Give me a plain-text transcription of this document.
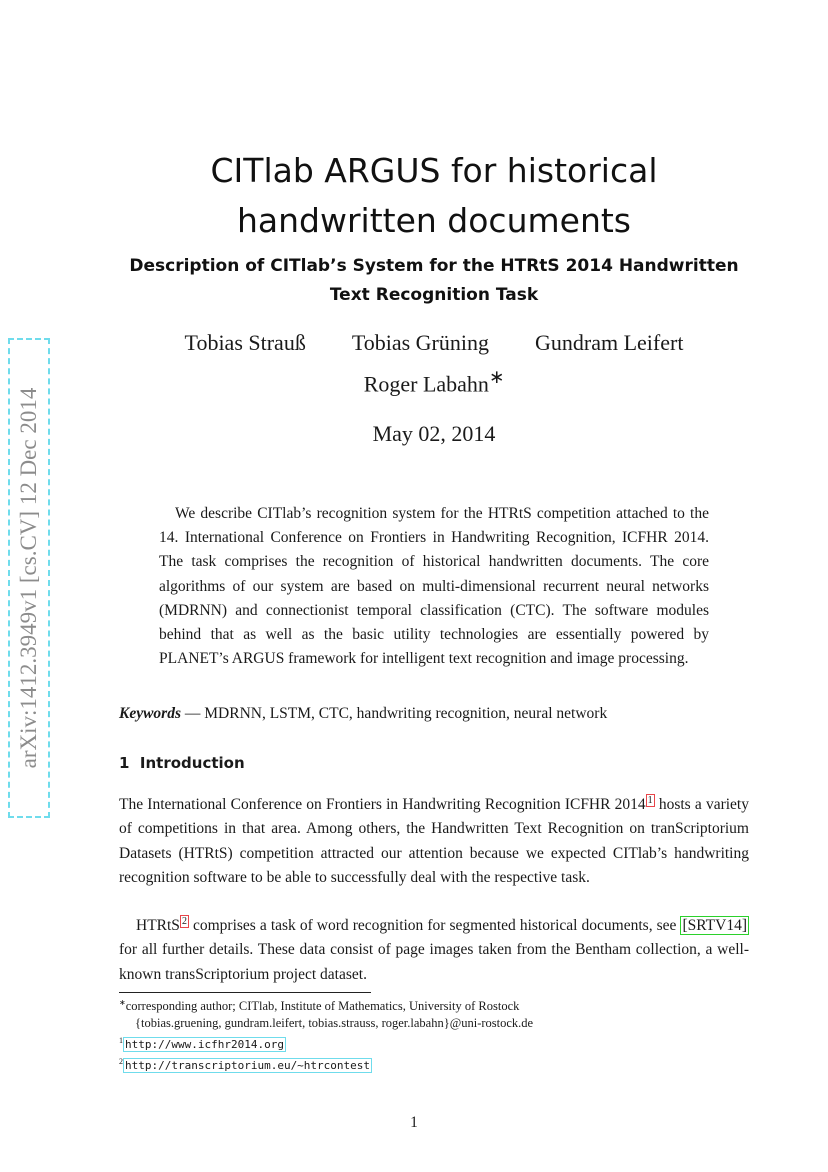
arXiv:1412.3949v1 [cs.CV] 12 Dec 2014
CITlab ARGUS for historical
handwritten documents
Description of CITlab’s System for the HTRtS 2014 Handwritten
Text Recognition Task
Tobias Strauß Tobias Grüning Gundram Leifert
Roger Labahn∗
May 02, 2014
We describe CITlab’s recognition system for the HTRtS competition attached to the 14. International Conference on Frontiers in Handwriting Recognition, ICFHR 2014. The task comprises the recognition of historical handwritten documents. The core algorithms of our system are based on multi-dimensional recurrent neural networks (MDRNN) and connectionist temporal classification (CTC). The software modules behind that as well as the basic utility technologies are essentially powered by PLANET’s ARGUS framework for intelligent text recognition and image processing.
Keywords — MDRNN, LSTM, CTC, handwriting recognition, neural network
1 Introduction
The International Conference on Frontiers in Handwriting Recognition ICFHR 2014 $^1$ hosts a variety of competitions in that area. Among others, the Handwritten Text Recognition on tranScriptorium Datasets (HTRtS) competition attracted our attention because we expected CITlab’s handwriting recognition software to be able to successfully deal with the respective task.
HTRtS $^2$ comprises a task of word recognition for segmented historical documents, see [SRTV14] for all further details. These data consist of page images taken from the Bentham collection, a well-known transScriptorium project dataset.
∗corresponding author; CITlab, Institute of Mathematics, University of Rostock
{tobias.gruening, gundram.leifert, tobias.strauss, roger.labahn}@uni-rostock.de
$^1$ http://www.icfhr2014.org
$^2$ http://transcriptorium.eu/~htrcontest
1
